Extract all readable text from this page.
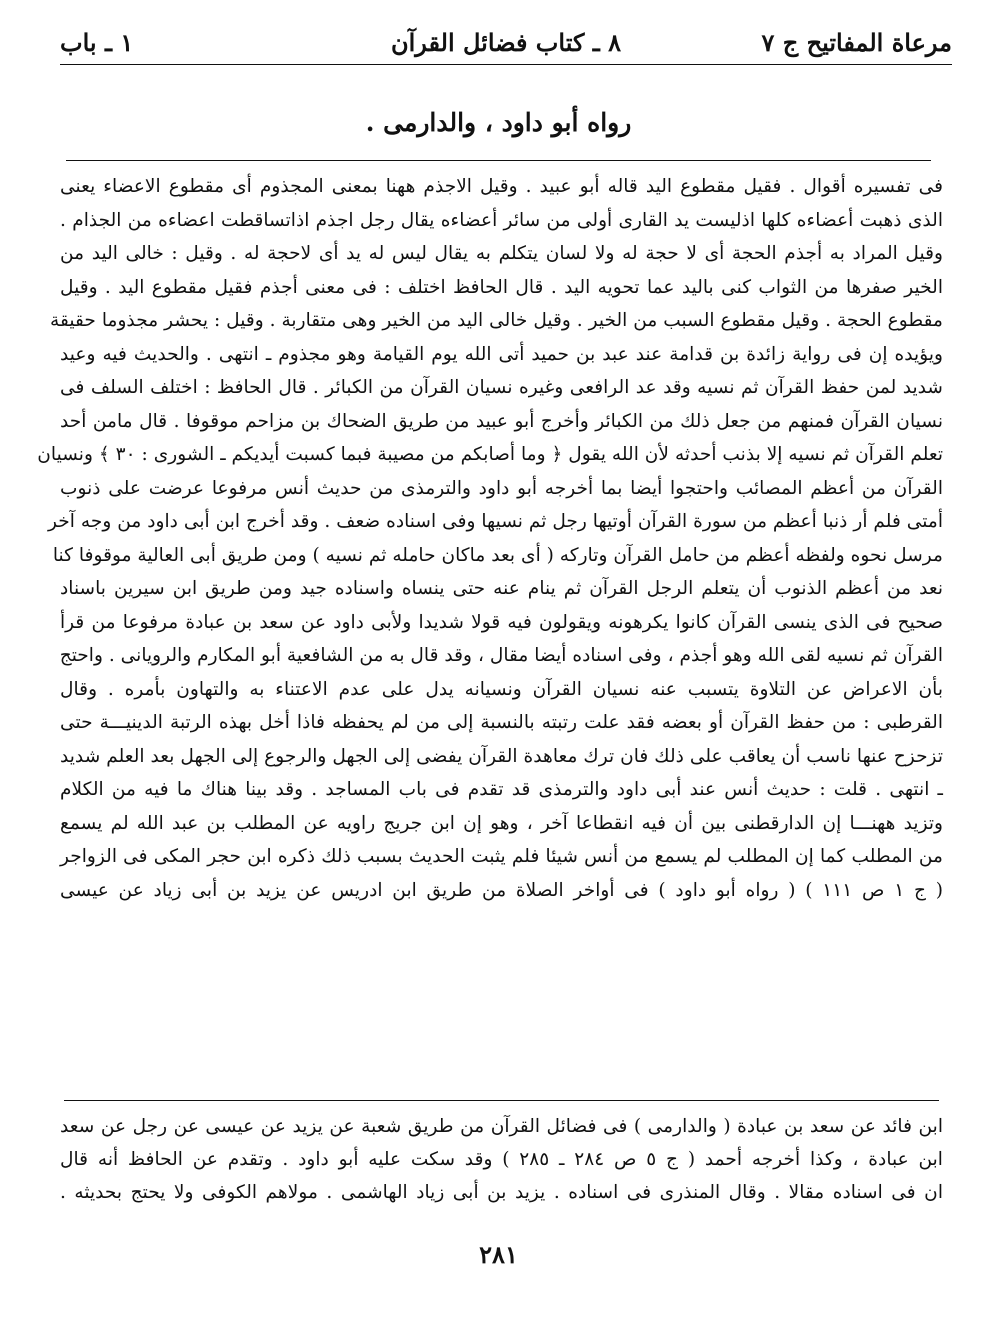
مرعاة المفاتيح ج ٧
٨ ـ كتاب فضائل القرآن
١ ـ باب
رواه أبو داود ، والدارمى .
فى تفسيره أقوال . فقيل مقطوع اليد قاله أبو عبيد . وقيل الاجذم ههنا بمعنى المجذوم أى مقطوع الاعضاء يعنى
الذى ذهبت أعضاءه كلها اذليست يد القارى أولى من سائر أعضاءه يقال رجل اجذم اذاتساقطت اعضاءه من الجذام .
وقيل المراد به أجذم الحجة أى لا حجة له ولا لسان يتكلم به يقال ليس له يد أى لاحجة له . وقيل : خالى اليد من
الخير صفرها من الثواب كنى باليد عما تحويه اليد . قال الحافظ اختلف : فى معنى أجذم فقيل مقطوع اليد . وقيل
مقطوع الحجة . وقيل مقطوع السبب من الخير . وقيل خالى اليد من الخير وهى متقاربة . وقيل : يحشر مجذوما حقيقة
ويؤيده إن فى رواية زائدة بن قدامة عند عبد بن حميد أتى الله يوم القيامة وهو مجذوم ـ انتهى . والحديث فيه وعيد
شديد لمن حفظ القرآن ثم نسيه وقد عد الرافعى وغيره نسيان القرآن من الكبائر . قال الحافظ : اختلف السلف فى
نسيان القرآن فمنهم من جعل ذلك من الكبائر وأخرج أبو عبيد من طريق الضحاك بن مزاحم موقوفا . قال مامن أحد
تعلم القرآن ثم نسيه إلا بذنب أحدثه لأن الله يقول ﴿ وما أصابكم من مصيبة فبما كسبت أيديكم ـ الشورى : ٣٠ ﴾ ونسيان
القرآن من أعظم المصائب واحتجوا أيضا بما أخرجه أبو داود والترمذى من حديث أنس مرفوعا عرضت على ذنوب
أمتى فلم أر ذنبا أعظم من سورة القرآن أوتيها رجل ثم نسيها وفى اسناده ضعف . وقد أخرج ابن أبى داود من وجه آخر
مرسل نحوه ولفظه أعظم من حامل القرآن وتاركه ( أى بعد ماكان حامله ثم نسيه ) ومن طريق أبى العالية موقوفا كنا
نعد من أعظم الذنوب أن يتعلم الرجل القرآن ثم ينام عنه حتى ينساه واسناده جيد ومن طريق ابن سيرين باسناد
صحيح فى الذى ينسى القرآن كانوا يكرهونه ويقولون فيه قولا شديدا ولأبى داود عن سعد بن عبادة مرفوعا من قرأ
القرآن ثم نسيه لقى الله وهو أجذم ، وفى اسناده أيضا مقال ، وقد قال به من الشافعية أبو المكارم والرويانى . واحتج
بأن الاعراض عن التلاوة يتسبب عنه نسيان القرآن ونسيانه يدل على عدم الاعتناء به والتهاون بأمره . وقال
القرطبى : من حفظ القرآن أو بعضه فقد علت رتبته بالنسبة إلى من لم يحفظه فاذا أخل بهذه الرتبة الدينيـــة حتى
تزحزح عنها ناسب أن يعاقب على ذلك فان ترك معاهدة القرآن يفضى إلى الجهل والرجوع إلى الجهل بعد العلم شديد
ـ انتهى . قلت : حديث أنس عند أبى داود والترمذى قد تقدم فى باب المساجد . وقد بينا هناك ما فيه من الكلام
وتزيد ههنـــا إن الدارقطنى بين أن فيه انقطاعا آخر ، وهو إن ابن جريج راويه عن المطلب بن عبد الله لم يسمع
من المطلب كما إن المطلب لم يسمع من أنس شيئا فلم يثبت الحديث بسبب ذلك ذكره ابن حجر المكى فى الزواجر
( ج ١ ص ١١١ ) ( رواه أبو داود ) فى أواخر الصلاة من طريق ابن ادريس عن يزيد بن أبى زياد عن عيسى
ابن فائد عن سعد بن عبادة ( والدارمى ) فى فضائل القرآن من طريق شعبة عن يزيد عن عيسى عن رجل عن سعد
ابن عبادة ، وكذا أخرجه أحمد ( ج ٥ ص ٢٨٤ ـ ٢٨٥ ) وقد سكت عليه أبو داود . وتقدم عن الحافظ أنه قال
ان فى اسناده مقالا . وقال المنذرى فى اسناده . يزيد بن أبى زياد الهاشمى . مولاهم الكوفى ولا يحتج بحديثه .
٢٨١
